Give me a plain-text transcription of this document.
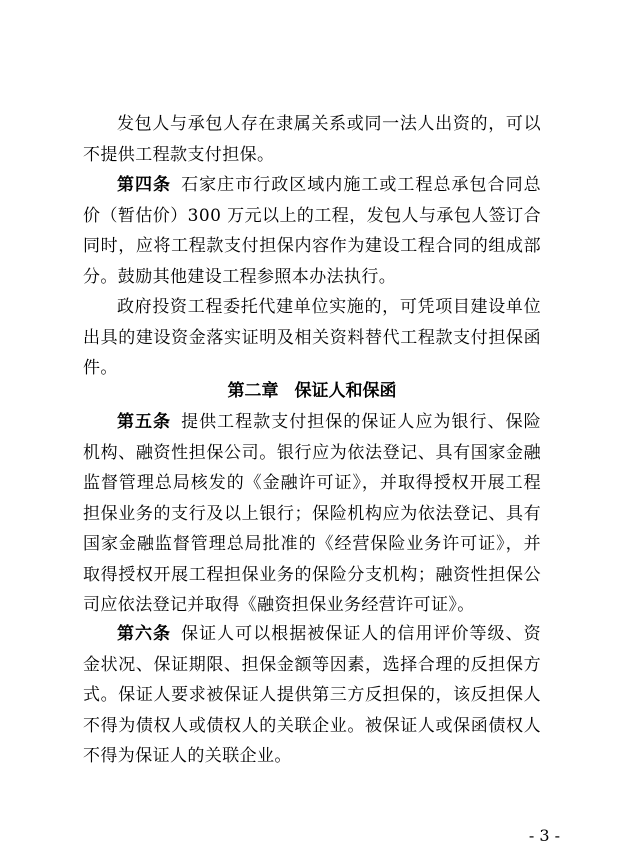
发包人与承包人存在隶属关系或同一法人出资的，可以不提供工程款支付担保。

第四条 石家庄市行政区域内施工或工程总承包合同总价（暂估价）300 万元以上的工程，发包人与承包人签订合同时，应将工程款支付担保内容作为建设工程合同的组成部分。鼓励其他建设工程参照本办法执行。

政府投资工程委托代建单位实施的，可凭项目建设单位出具的建设资金落实证明及相关资料替代工程款支付担保函件。

第二章 保证人和保函

第五条 提供工程款支付担保的保证人应为银行、保险机构、融资性担保公司。银行应为依法登记、具有国家金融监督管理总局核发的《金融许可证》，并取得授权开展工程担保业务的支行及以上银行；保险机构应为依法登记、具有国家金融监督管理总局批准的《经营保险业务许可证》，并取得授权开展工程担保业务的保险分支机构；融资性担保公司应依法登记并取得《融资担保业务经营许可证》。

第六条 保证人可以根据被保证人的信用评价等级、资金状况、保证期限、担保金额等因素，选择合理的反担保方式。保证人要求被保证人提供第三方反担保的，该反担保人不得为债权人或债权人的关联企业。被保证人或保函债权人不得为保证人的关联企业。

- 3 -
